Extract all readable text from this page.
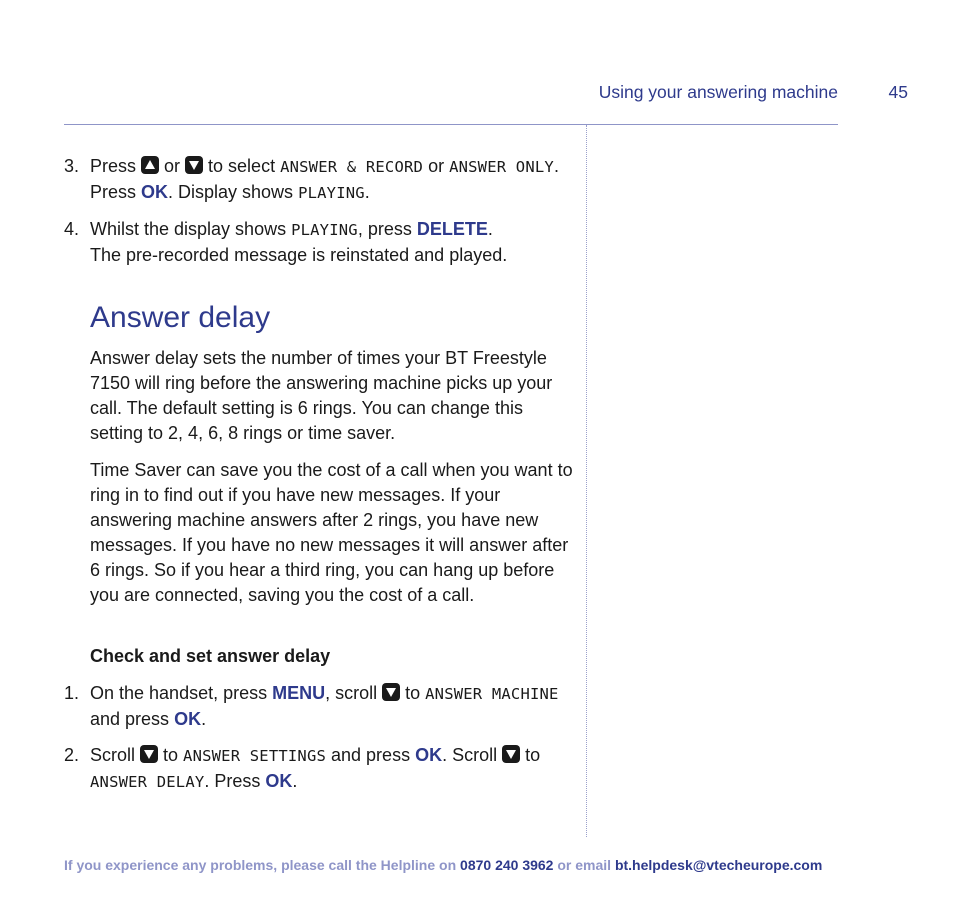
Using your answering machine	45
3. Press  or  to select ANSWER & RECORD or ANSWER ONLY. Press OK. Display shows PLAYING.
4. Whilst the display shows PLAYING, press DELETE.
The pre-recorded message is reinstated and played.
Answer delay

Answer delay sets the number of times your BT Freestyle 7150 will ring before the answering machine picks up your call. The default setting is 6 rings. You can change this setting to 2, 4, 6, 8 rings or time saver.

Time Saver can save you the cost of a call when you want to ring in to find out if you have new messages. If your answering machine answers after 2 rings, you have new messages. If you have no new messages it will answer after 6 rings. So if you hear a third ring, you can hang up before you are connected, saving you the cost of a call.

Check and set answer delay
1. On the handset, press MENU, scroll  to ANSWER MACHINE and press OK.
2. Scroll  to ANSWER SETTINGS and press OK. Scroll  to ANSWER DELAY. Press OK.
If you experience any problems, please call the Helpline on 0870 240 3962 or email bt.helpdesk@vtecheurope.com
